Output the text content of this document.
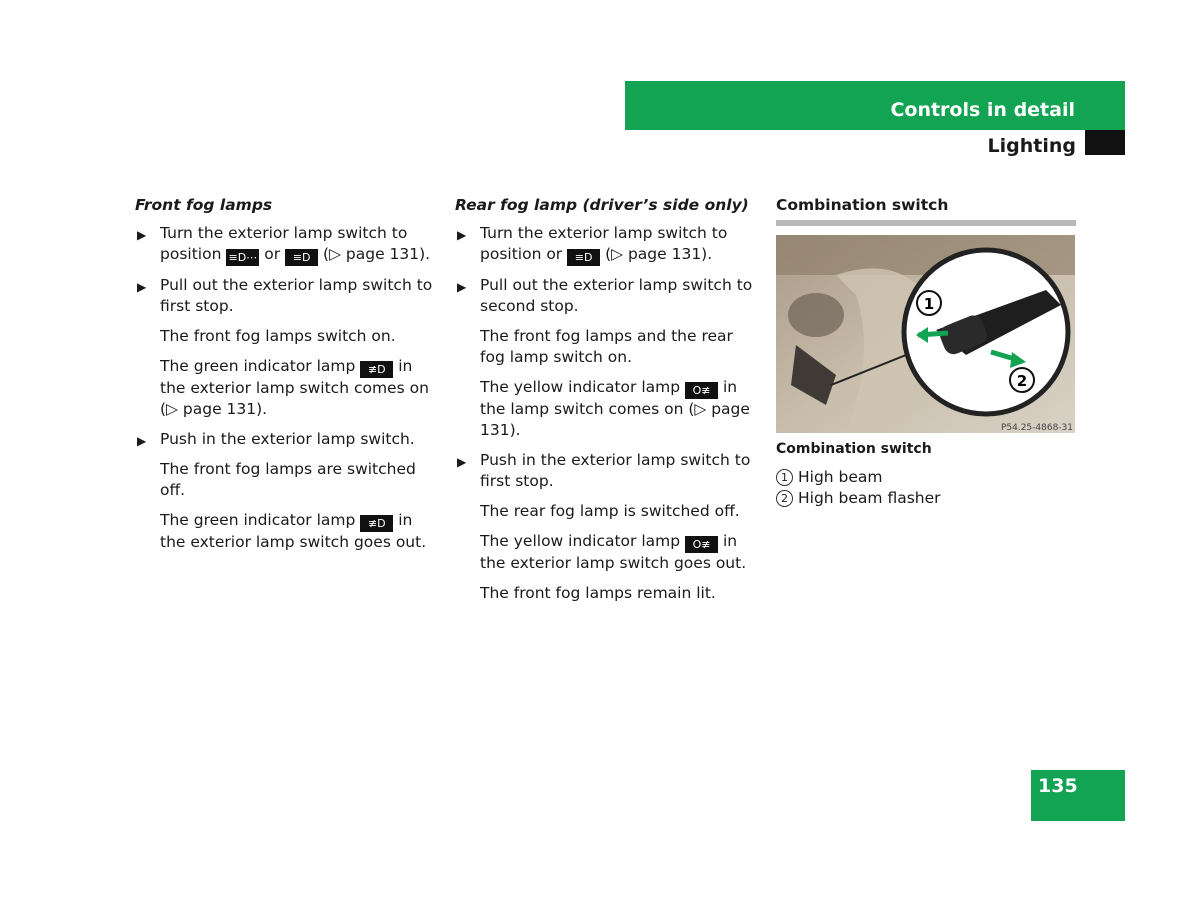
Controls in detail
Lighting
Front fog lamps
▶ Turn the exterior lamp switch to
position ≡D⋯ or ≡D (▷ page 131).
▶ Pull out the exterior lamp switch to first stop.
The front fog lamps switch on.
The green indicator lamp ≢D in the exterior lamp switch comes on (▷ page 131).
▶ Push in the exterior lamp switch.
The front fog lamps are switched off.
The green indicator lamp ≢D in the exterior lamp switch goes out.
Rear fog lamp (driver’s side only)
▶ Turn the exterior lamp switch to
position or ≡D (▷ page 131).
▶ Pull out the exterior lamp switch to second stop.
The front fog lamps and the rear fog lamp switch on.
The yellow indicator lamp O≢ in the lamp switch comes on (▷ page 131).
▶ Push in the exterior lamp switch to first stop.
The rear fog lamp is switched off.
The yellow indicator lamp O≢ in the exterior lamp switch goes out.
The front fog lamps remain lit.
Combination switch
1
2
P54.25-4868-31
Combination switch
1 High beam
2 High beam flasher
135
